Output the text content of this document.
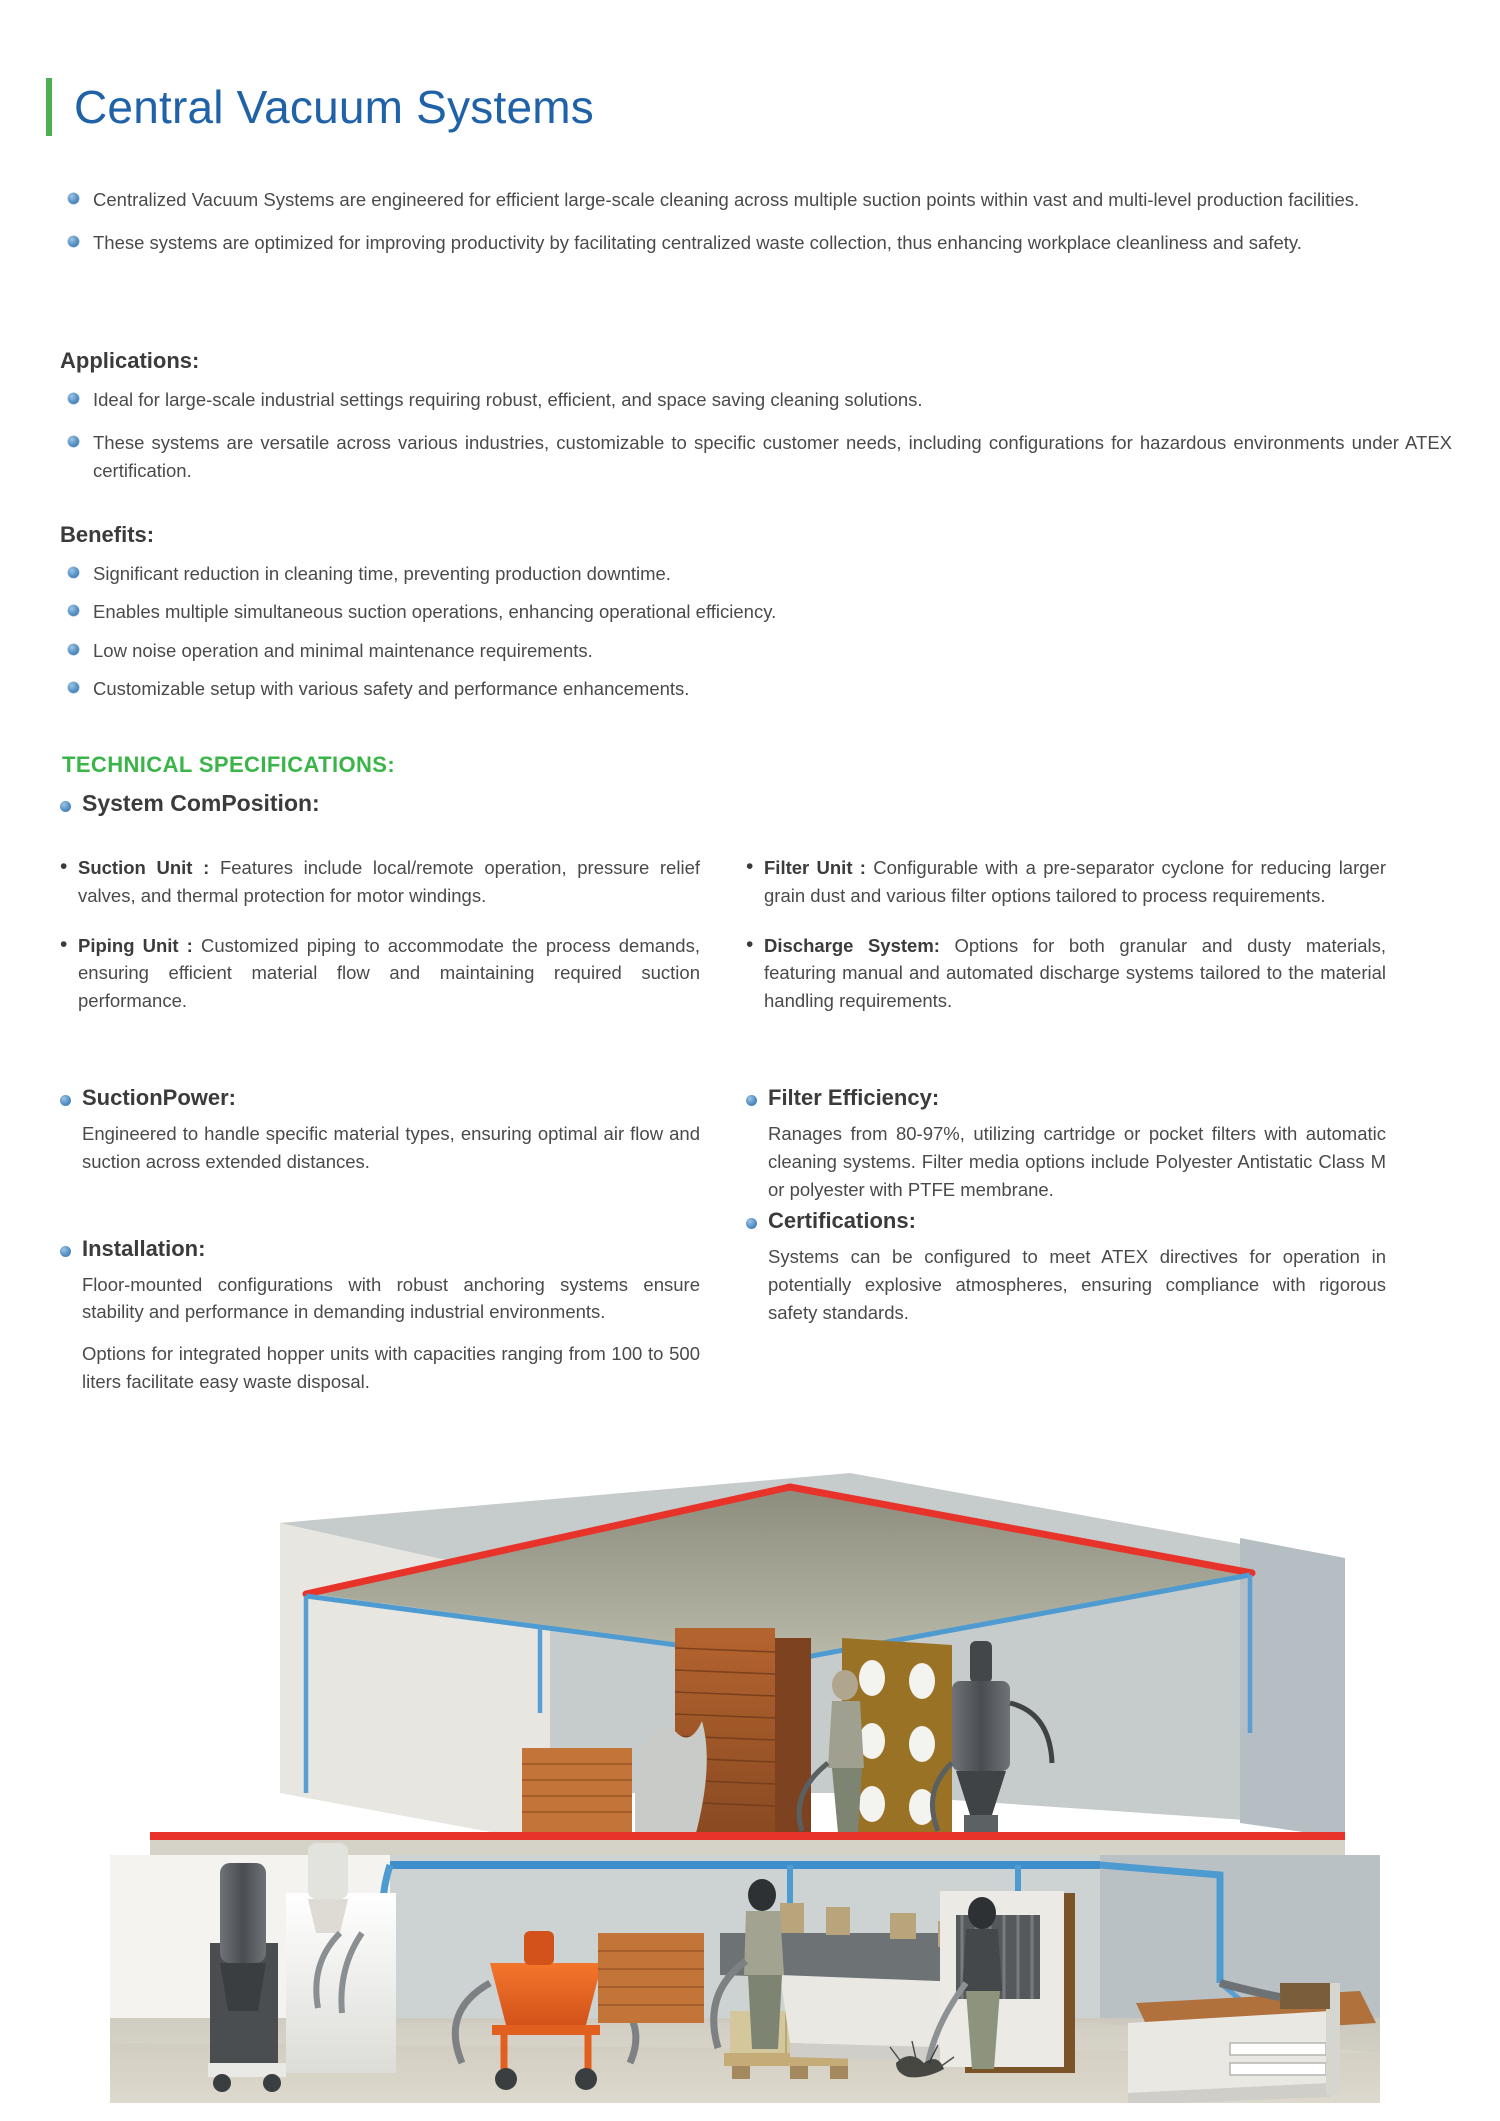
Central Vacuum Systems
Centralized Vacuum Systems are engineered for efficient large-scale cleaning across multiple suction points within vast and multi-level production facilities.
These systems are optimized for improving productivity by facilitating centralized waste collection, thus enhancing workplace cleanliness and safety.
Applications:
Ideal for large-scale industrial settings requiring robust, efficient, and space saving cleaning solutions.
These systems are versatile across various industries, customizable to specific customer needs, including configurations for hazardous environments under ATEX certification.
Benefits:
Significant reduction in cleaning time, preventing production downtime.
Enables multiple simultaneous suction operations, enhancing operational efficiency.
Low noise operation and minimal maintenance requirements.
Customizable setup with various safety and performance enhancements.
TECHNICAL SPECIFICATIONS:
System ComPosition:
• Suction Unit : Features include local/remote operation, pressure relief valves, and thermal protection for motor windings.
• Piping Unit : Customized piping to accommodate the process demands, ensuring efficient material flow and maintaining required suction performance.
• Filter Unit : Configurable with a pre-separator cyclone for reducing larger grain dust and various filter options tailored to process requirements.
• Discharge System: Options for both granular and dusty materials, featuring manual and automated discharge systems tailored to the material handling requirements.
SuctionPower:
Engineered to handle specific material types, ensuring optimal air flow and suction across extended distances.
Installation:
Floor-mounted configurations with robust anchoring systems ensure stability and performance in demanding industrial environments.
Options for integrated hopper units with capacities ranging from 100 to 500 liters facilitate easy waste disposal.
Filter Efficiency:
Ranages from 80-97%, utilizing cartridge or pocket filters with automatic cleaning systems. Filter media options include Polyester Antistatic Class M or polyester with PTFE membrane.
Certifications:
Systems can be configured to meet ATEX directives for operation in potentially explosive atmospheres, ensuring compliance with rigorous safety standards.
